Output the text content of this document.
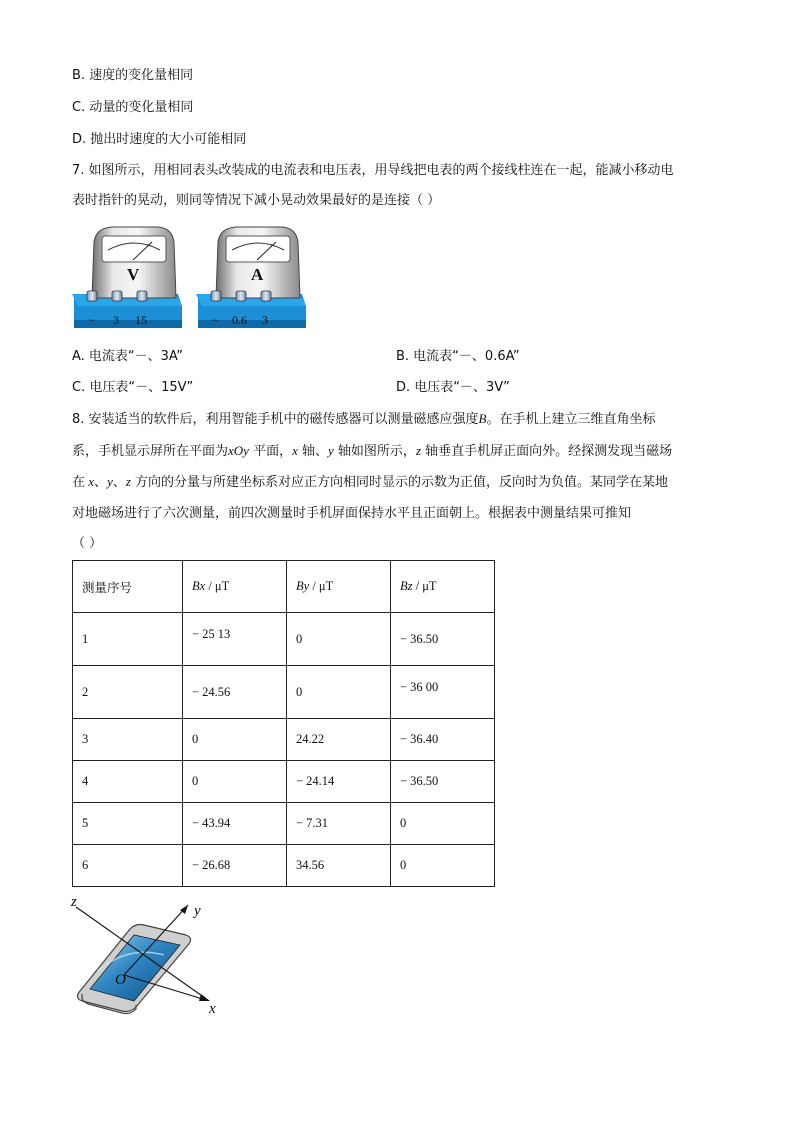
B. 速度的变化量相同
C. 动量的变化量相同
D. 抛出时速度的大小可能相同
7. 如图所示，用相同表头改装成的电流表和电压表，用导线把电表的两个接线柱连在一起，能减小移动电
表时指针的晃动，则同等情况下减小晃动效果最好的是连接（ ）
V
− 3 15
A
− 0.6 3
A. 电流表“－、3A”	B. 电流表“－、0.6A”
C. 电压表“－、15V”	D. 电压表“－、3V”
8. 安装适当的软件后，利用智能手机中的磁传感器可以测量磁感应强度B。在手机上建立三维直角坐标
系，手机显示屏所在平面为xOy 平面，x 轴、y 轴如图所示，z 轴垂直手机屏正面向外。经探测发现当磁场
在 x、y、z 方向的分量与所建坐标系对应正方向相同时显示的示数为正值，反向时为负值。某同学在某地
对地磁场进行了六次测量，前四次测量时手机屏面保持水平且正面朝上。根据表中测量结果可推知
（ ）
测量序号	Bx / μT	By / μT	Bz / μT
1	− 25 13	0	− 36.50
2	− 24.56	0	− 36 00
3	0	24.22	− 36.40
4	0	− 24.14	− 36.50
5	− 43.94	− 7.31	0
6	− 26.68	34.56	0
z
y
x
O
